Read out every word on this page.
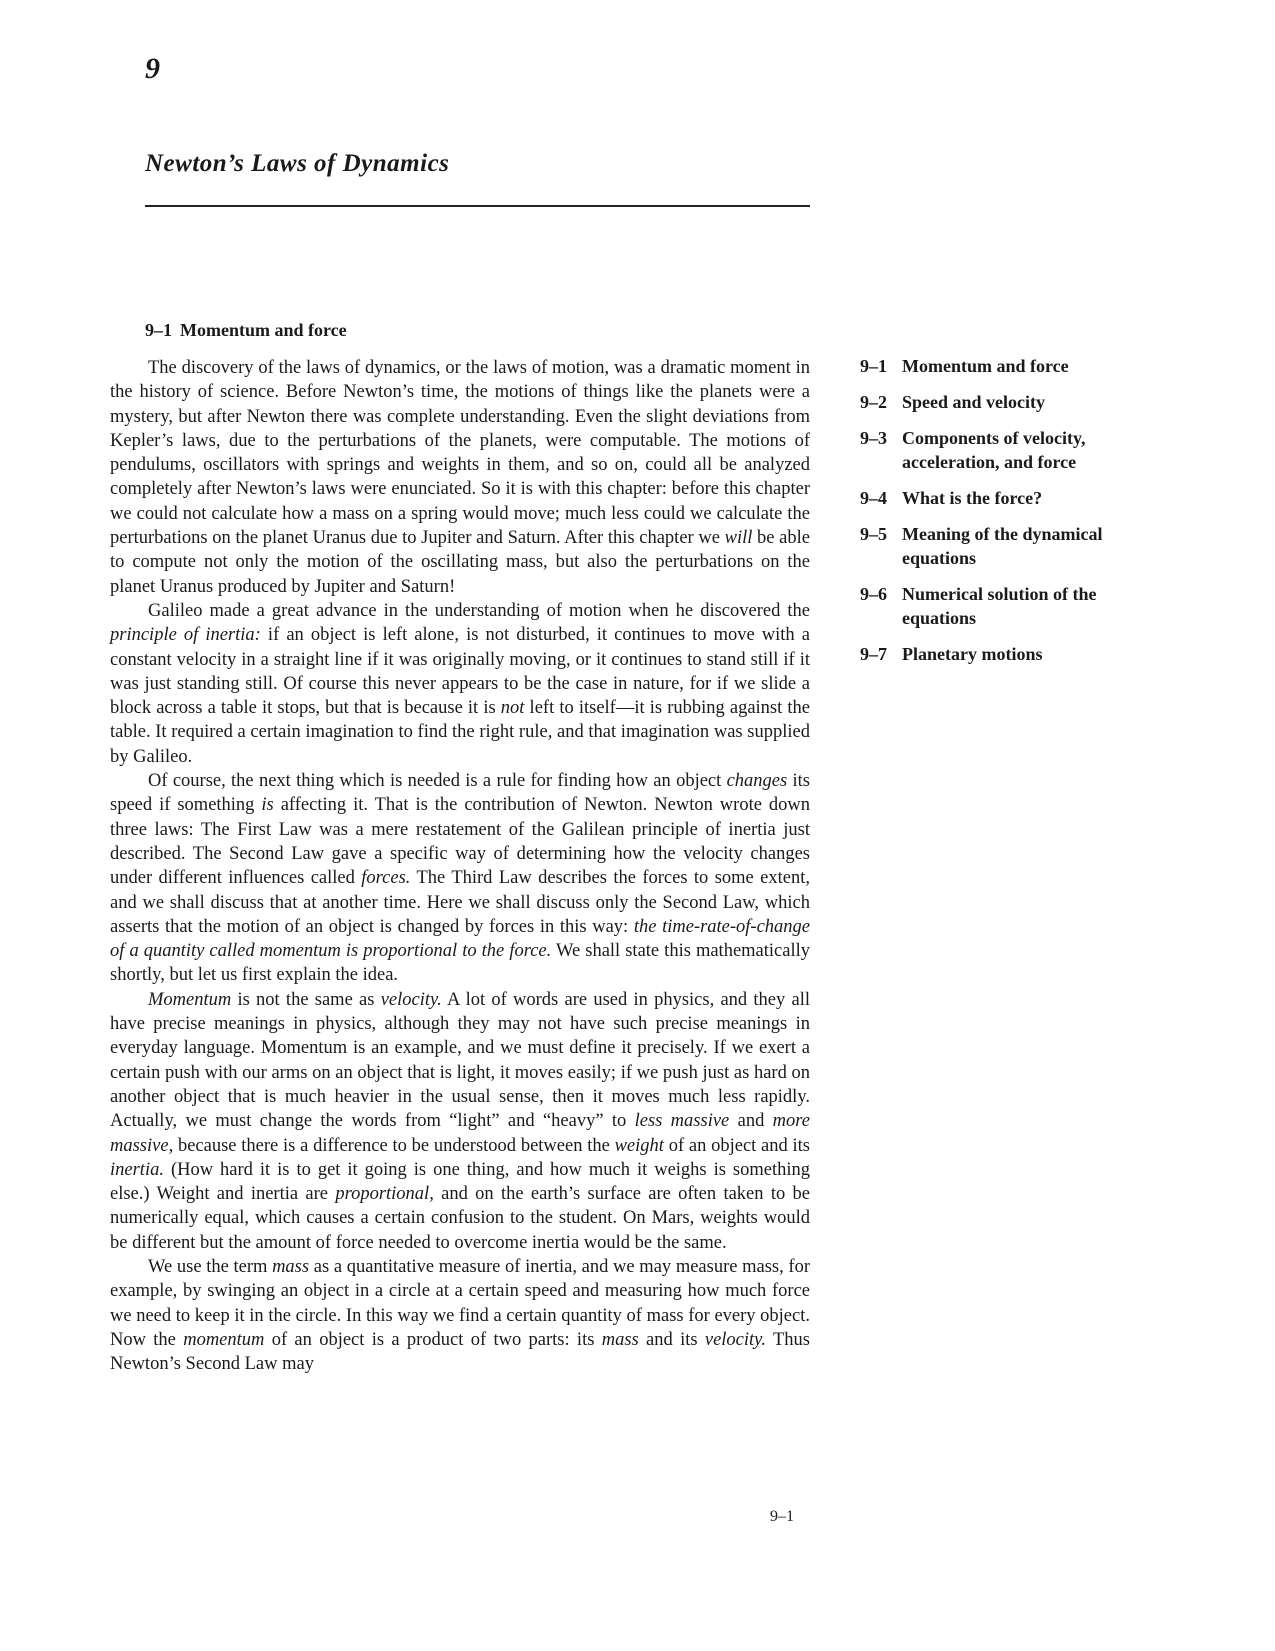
9
Newton’s Laws of Dynamics
9–1 Momentum and force

The discovery of the laws of dynamics, or the laws of motion, was a dramatic moment in the history of science. Before Newton’s time, the motions of things like the planets were a mystery, but after Newton there was complete understanding. Even the slight deviations from Kepler’s laws, due to the perturbations of the planets, were computable. The motions of pendulums, oscillators with springs and weights in them, and so on, could all be analyzed completely after Newton’s laws were enunciated. So it is with this chapter: before this chapter we could not calculate how a mass on a spring would move; much less could we calculate the perturbations on the planet Uranus due to Jupiter and Saturn. After this chapter we will be able to compute not only the motion of the oscillating mass, but also the perturbations on the planet Uranus produced by Jupiter and Saturn!

Galileo made a great advance in the understanding of motion when he discovered the principle of inertia: if an object is left alone, is not disturbed, it continues to move with a constant velocity in a straight line if it was originally moving, or it continues to stand still if it was just standing still. Of course this never appears to be the case in nature, for if we slide a block across a table it stops, but that is because it is not left to itself—it is rubbing against the table. It required a certain imagination to find the right rule, and that imagination was supplied by Galileo.

Of course, the next thing which is needed is a rule for finding how an object changes its speed if something is affecting it. That is the contribution of Newton. Newton wrote down three laws: The First Law was a mere restatement of the Galilean principle of inertia just described. The Second Law gave a specific way of determining how the velocity changes under different influences called forces. The Third Law describes the forces to some extent, and we shall discuss that at another time. Here we shall discuss only the Second Law, which asserts that the motion of an object is changed by forces in this way: the time-rate-of-change of a quantity called momentum is proportional to the force. We shall state this mathematically shortly, but let us first explain the idea.

Momentum is not the same as velocity. A lot of words are used in physics, and they all have precise meanings in physics, although they may not have such precise meanings in everyday language. Momentum is an example, and we must define it precisely. If we exert a certain push with our arms on an object that is light, it moves easily; if we push just as hard on another object that is much heavier in the usual sense, then it moves much less rapidly. Actually, we must change the words from “light” and “heavy” to less massive and more massive, because there is a difference to be understood between the weight of an object and its inertia. (How hard it is to get it going is one thing, and how much it weighs is something else.) Weight and inertia are proportional, and on the earth’s surface are often taken to be numerically equal, which causes a certain confusion to the student. On Mars, weights would be different but the amount of force needed to overcome inertia would be the same.

We use the term mass as a quantitative measure of inertia, and we may measure mass, for example, by swinging an object in a circle at a certain speed and measuring how much force we need to keep it in the circle. In this way we find a certain quantity of mass for every object. Now the momentum of an object is a product of two parts: its mass and its velocity. Thus Newton’s Second Law may

9–1 Momentum and force
9–2 Speed and velocity
9–3 Components of velocity, acceleration, and force
9–4 What is the force?
9–5 Meaning of the dynamical equations
9–6 Numerical solution of the equations
9–7 Planetary motions
9–1
